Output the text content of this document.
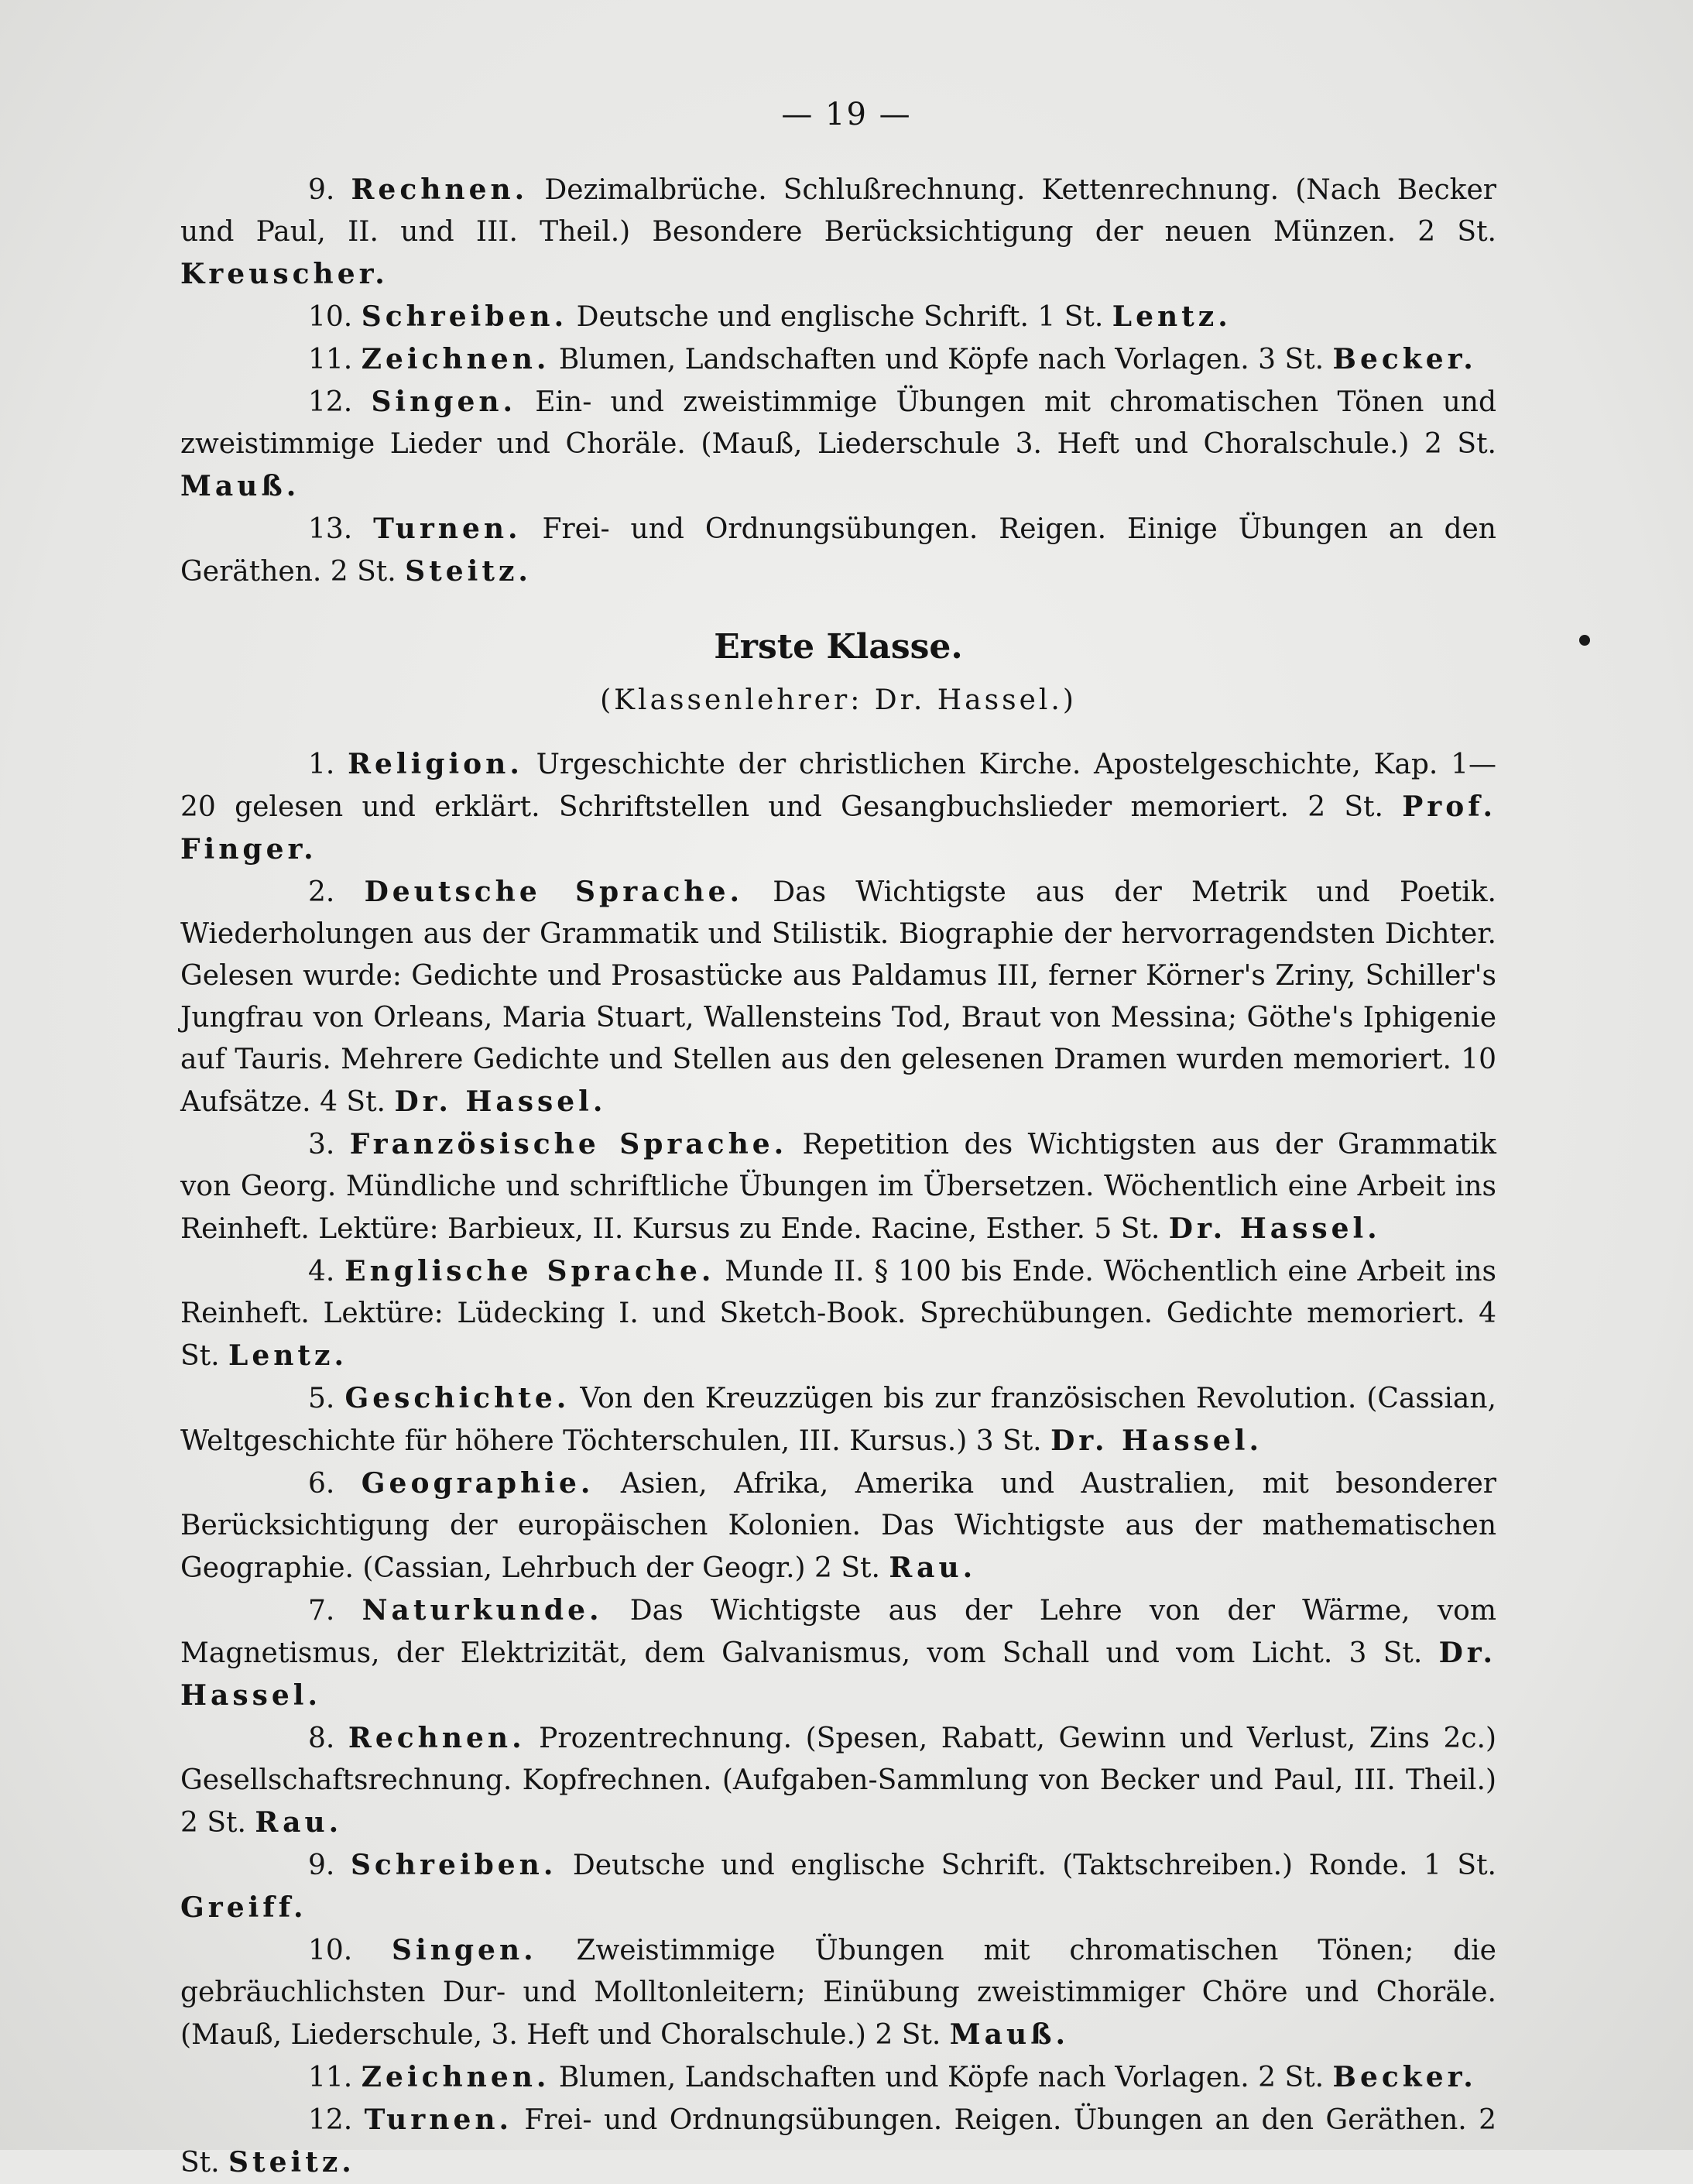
— 19 —

9. Rechnen. Dezimalbrüche. Schlußrechnung. Kettenrechnung. (Nach Becker und Paul, II. und III. Theil.) Besondere Berücksichtigung der neuen Münzen. 2 St. Kreuscher.

10. Schreiben. Deutsche und englische Schrift. 1 St. Lentz.

11. Zeichnen. Blumen, Landschaften und Köpfe nach Vorlagen. 3 St. Becker.

12. Singen. Ein- und zweistimmige Übungen mit chromatischen Tönen und zweistimmige Lieder und Choräle. (Mauß, Liederschule 3. Heft und Choralschule.) 2 St. Mauß.

13. Turnen. Frei- und Ordnungsübungen. Reigen. Einige Übungen an den Geräthen. 2 St. Steitz.

Erste Klasse.

(Klassenlehrer: Dr. Hassel.)

1. Religion. Urgeschichte der christlichen Kirche. Apostelgeschichte, Kap. 1—20 gelesen und erklärt. Schriftstellen und Gesangbuchslieder memoriert. 2 St. Prof. Finger.

2. Deutsche Sprache. Das Wichtigste aus der Metrik und Poetik. Wiederholungen aus der Grammatik und Stilistik. Biographie der hervorragendsten Dichter. Gelesen wurde: Gedichte und Prosastücke aus Paldamus III, ferner Körner's Zriny, Schiller's Jungfrau von Orleans, Maria Stuart, Wallensteins Tod, Braut von Messina; Göthe's Iphigenie auf Tauris. Mehrere Gedichte und Stellen aus den gelesenen Dramen wurden memoriert. 10 Aufsätze. 4 St. Dr. Hassel.

3. Französische Sprache. Repetition des Wichtigsten aus der Grammatik von Georg. Mündliche und schriftliche Übungen im Übersetzen. Wöchentlich eine Arbeit ins Reinheft. Lektüre: Barbieux, II. Kursus zu Ende. Racine, Esther. 5 St. Dr. Hassel.

4. Englische Sprache. Munde II. § 100 bis Ende. Wöchentlich eine Arbeit ins Reinheft. Lektüre: Lüdecking I. und Sketch-Book. Sprechübungen. Gedichte memoriert. 4 St. Lentz.

5. Geschichte. Von den Kreuzzügen bis zur französischen Revolution. (Cassian, Weltgeschichte für höhere Töchterschulen, III. Kursus.) 3 St. Dr. Hassel.

6. Geographie. Asien, Afrika, Amerika und Australien, mit besonderer Berücksichtigung der europäischen Kolonien. Das Wichtigste aus der mathematischen Geographie. (Cassian, Lehrbuch der Geogr.) 2 St. Rau.

7. Naturkunde. Das Wichtigste aus der Lehre von der Wärme, vom Magnetismus, der Elektrizität, dem Galvanismus, vom Schall und vom Licht. 3 St. Dr. Hassel.

8. Rechnen. Prozentrechnung. (Spesen, Rabatt, Gewinn und Verlust, Zins 2c.) Gesellschaftsrechnung. Kopfrechnen. (Aufgaben-Sammlung von Becker und Paul, III. Theil.) 2 St. Rau.

9. Schreiben. Deutsche und englische Schrift. (Taktschreiben.) Ronde. 1 St. Greiff.

10. Singen. Zweistimmige Übungen mit chromatischen Tönen; die gebräuchlichsten Dur- und Molltonleitern; Einübung zweistimmiger Chöre und Choräle. (Mauß, Liederschule, 3. Heft und Choralschule.) 2 St. Mauß.

11. Zeichnen. Blumen, Landschaften und Köpfe nach Vorlagen. 2 St. Becker.

12. Turnen. Frei- und Ordnungsübungen. Reigen. Übungen an den Geräthen. 2 St. Steitz.
